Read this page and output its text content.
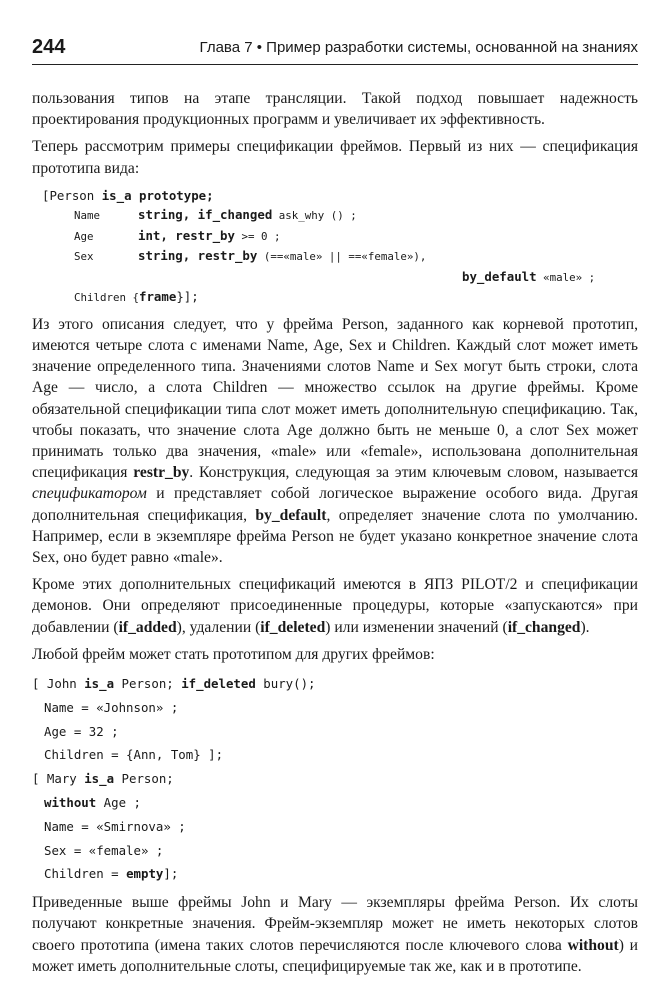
244	Глава 7 • Пример разработки системы, основанной на знаниях

пользования типов на этапе трансляции. Такой подход повышает надежность проектирования продукционных программ и увеличивает их эффективность.

Теперь рассмотрим примеры спецификации фреймов. Первый из них — спецификация прототипа вида:

[Person is_a prototype;
Name	string, if_changed ask_why () ;
Age	int, restr_by >= 0 ;
Sex	string, restr_by (==«male» || ==«female»),
by_default «male» ;
Children {frame}];

Из этого описания следует, что у фрейма Person, заданного как корневой прототип, имеются четыре слота с именами Name, Age, Sex и Children. Каждый слот может иметь значение определенного типа. Значениями слотов Name и Sex могут быть строки, слота Age — число, а слота Children — множество ссылок на другие фреймы. Кроме обязательной спецификации типа слот может иметь дополнительную спецификацию. Так, чтобы показать, что значение слота Age должно быть не меньше 0, а слот Sex может принимать только два значения, «male» или «female», использована дополнительная спецификация restr_by. Конструкция, следующая за этим ключевым словом, называется спецификатором и представляет собой логическое выражение особого вида. Другая дополнительная спецификация, by_default, определяет значение слота по умолчанию. Например, если в экземпляре фрейма Person не будет указано конкретное значение слота Sex, оно будет равно «male».

Кроме этих дополнительных спецификаций имеются в ЯПЗ PILOT/2 и спецификации демонов. Они определяют присоединенные процедуры, которые «запускаются» при добавлении (if_added), удалении (if_deleted) или изменении значений (if_changed).

Любой фрейм может стать прототипом для других фреймов:

[ John is_a Person; if_deleted bury();
Name = «Johnson» ;
Age = 32 ;
Children = {Ann, Tom} ];
[ Mary is_a Person;
without Age ;
Name = «Smirnova» ;
Sex = «female» ;
Children = empty];

Приведенные выше фреймы John и Mary — экземпляры фрейма Person. Их слоты получают конкретные значения. Фрейм-экземпляр может не иметь некоторых слотов своего прототипа (имена таких слотов перечисляются после ключевого слова without) и может иметь дополнительные слоты, специфицируемые так же, как и в прототипе.
